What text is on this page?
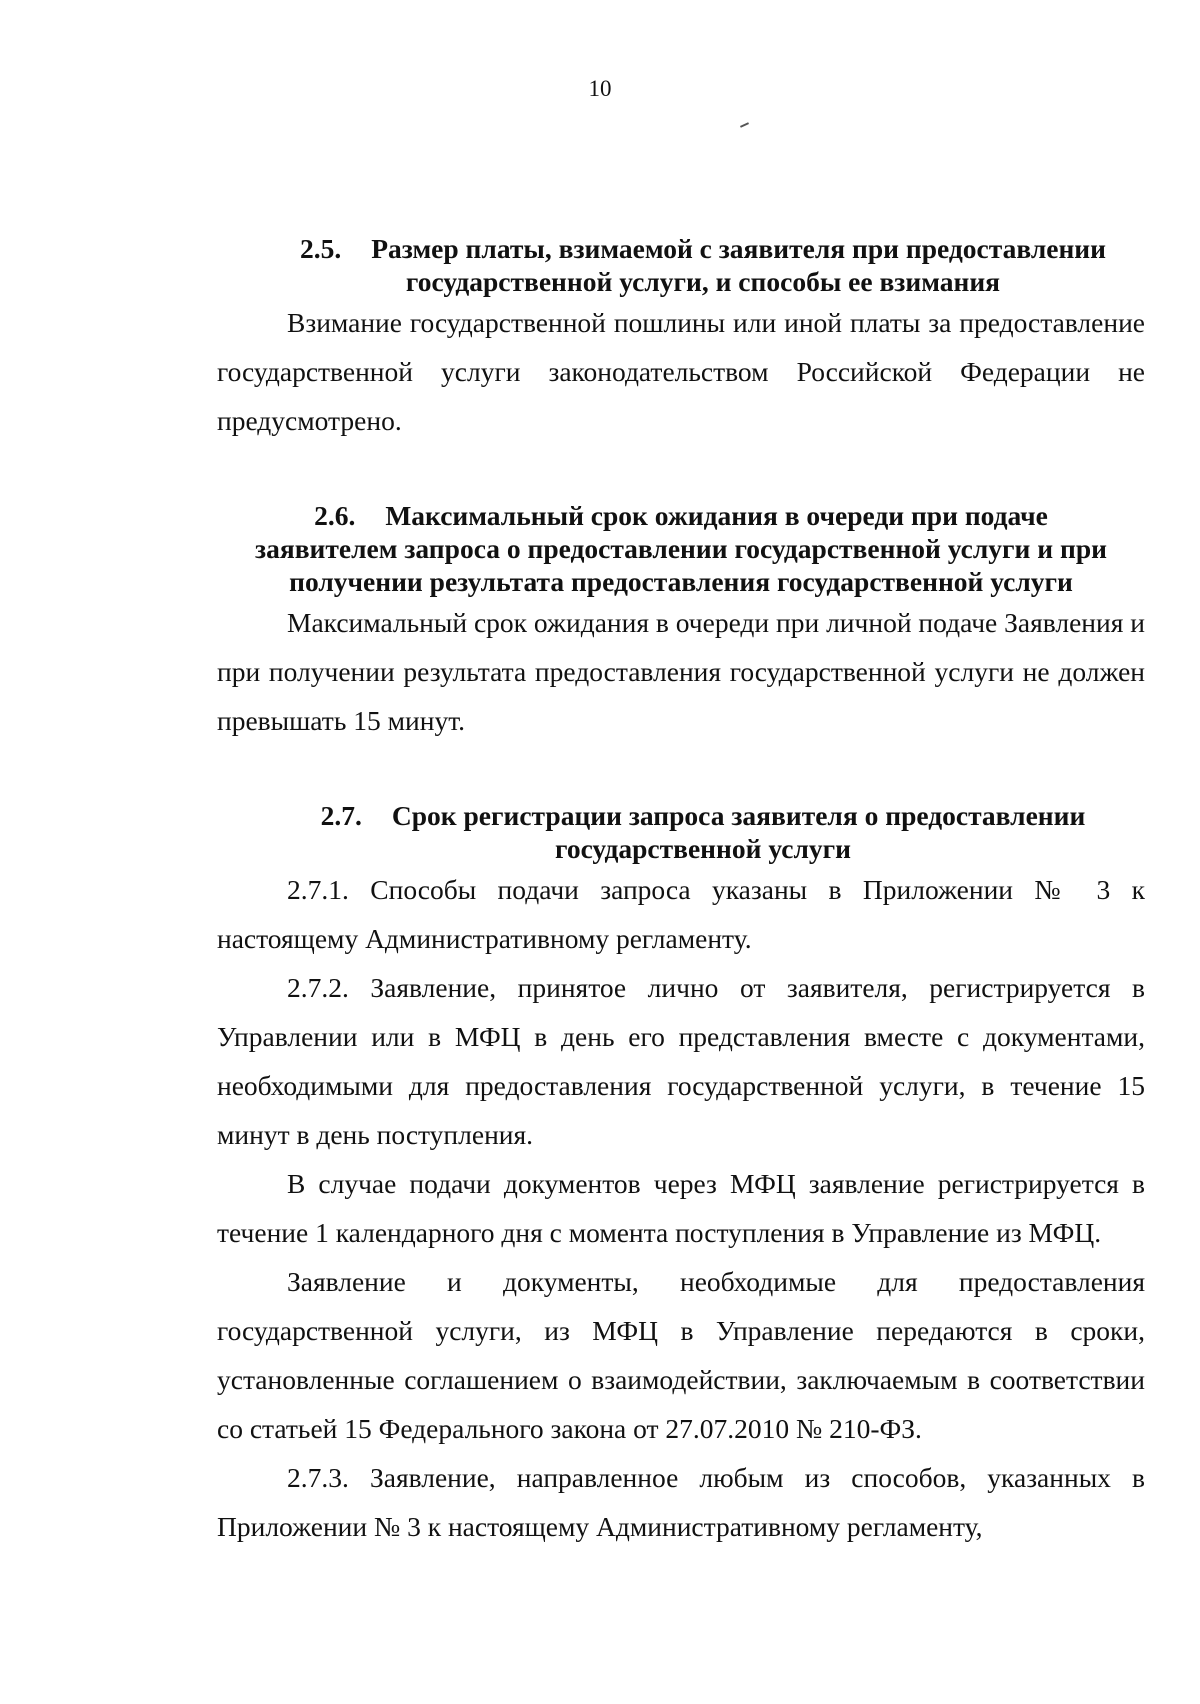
10
2.5. Размер платы, взимаемой с заявителя при предоставлении
государственной услуги, и способы ее взимания

Взимание государственной пошлины или иной платы за предоставление государственной услуги законодательством Российской Федерации не предусмотрено.

2.6. Максимальный срок ожидания в очереди при подаче
заявителем запроса о предоставлении государственной услуги и при
получении результата предоставления государственной услуги

Максимальный срок ожидания в очереди при личной подаче Заявления и при получении результата предоставления государственной услуги не должен превышать 15 минут.

2.7. Срок регистрации запроса заявителя о предоставлении
государственной услуги

2.7.1. Способы подачи запроса указаны в Приложении № 3 к настоящему Административному регламенту.

2.7.2. Заявление, принятое лично от заявителя, регистрируется в Управлении или в МФЦ в день его представления вместе с документами, необходимыми для предоставления государственной услуги, в течение 15 минут в день поступления.

В случае подачи документов через МФЦ заявление регистрируется в течение 1 календарного дня с момента поступления в Управление из МФЦ.

Заявление и документы, необходимые для предоставления государственной услуги, из МФЦ в Управление передаются в сроки, установленные соглашением о взаимодействии, заключаемым в соответствии со статьей 15 Федерального закона от 27.07.2010 № 210-ФЗ.

2.7.3. Заявление, направленное любым из способов, указанных в Приложении № 3 к настоящему Административному регламенту,
